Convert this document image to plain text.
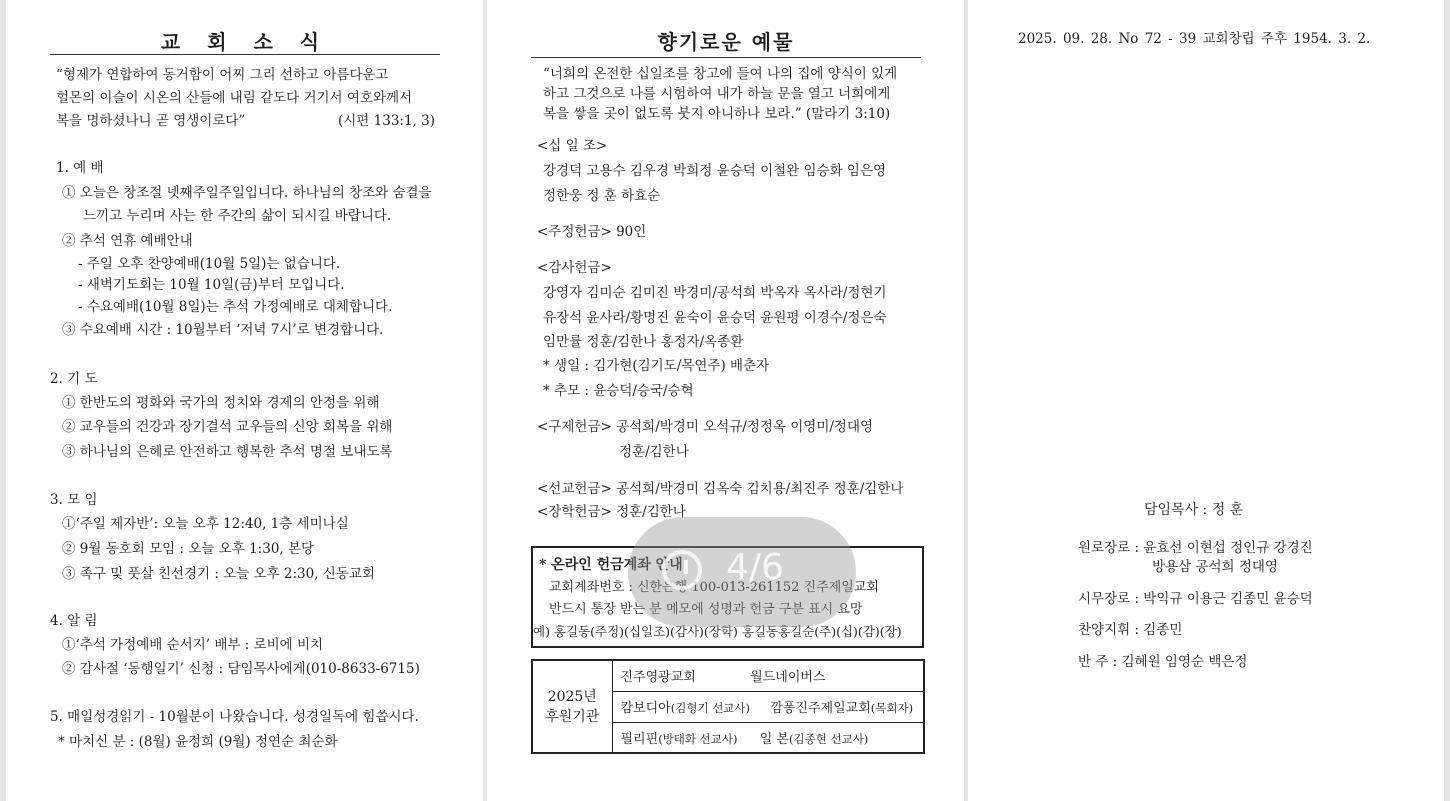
교 회 소 식
“형제가 연합하여 동거함이 어찌 그리 선하고 아름다운고
헐몬의 이슬이 시온의 산들에 내림 같도다 거기서 여호와께서
복을 명하셨나니 곧 영생이로다”	(시편 133:1, 3)
1. 예 배
① 오늘은 창조절 넷째주일주일입니다. 하나님의 창조와 숨결을
느끼고 누리며 사는 한 주간의 삶이 되시길 바랍니다.
② 추석 연휴 예배안내
- 주일 오후 찬양예배(10월 5일)는 없습니다.
- 새벽기도회는 10월 10일(금)부터 모입니다.
- 수요예배(10월 8일)는 추석 가정예배로 대체합니다.
③ 수요예배 시간 : 10월부터 ‘저녁 7시’로 변경합니다.
2. 기 도
① 한반도의 평화와 국가의 정치와 경제의 안정을 위해
② 교우들의 건강과 장기결석 교우들의 신앙 회복을 위해
③ 하나님의 은혜로 안전하고 행복한 추석 명절 보내도록
3. 모 임
①‘주일 제자반’: 오늘 오후 12:40, 1층 세미나실
② 9월 동호회 모임 : 오늘 오후 1:30, 본당
③ 족구 및 풋살 친선경기 : 오늘 오후 2:30, 신동교회
4. 알 림
①‘추석 가정예배 순서지’ 배부 : 로비에 비치
② 감사절 ‘동행일기’ 신청 : 담임목사에게(010-8633-6715)
5. 매일성경읽기 - 10월분이 나왔습니다. 성경일독에 힘씁시다.
* 마치신 분 : (8월) 윤정희 (9월) 정연순 최순화
향기로운 예물
“너희의 온전한 십일조를 창고에 들여 나의 집에 양식이 있게
하고 그것으로 나를 시험하여 내가 하늘 문을 열고 너희에게
복을 쌓을 곳이 없도록 붓지 아니하나 보라.” (말라기 3:10)
<십 일 조>
강경덕 고용수 김우경 박희정 윤승덕 이철완 임승화 임은영
정한웅 정 훈 하효순
<주정헌금> 90인
<감사헌금>
강영자 김미순 김미진 박경미/공석희 박옥자 옥사라/정현기
유장석 윤사라/황명진 윤숙이 윤승덕 윤원평 이경수/정은숙
임만률 정훈/김한나 홍정자/옥종환
* 생일 : 김가현(김기도/목연주) 배춘자
* 추모 : 윤승덕/승국/승혁
<구제헌금> 공석희/박경미 오석규/정정옥 이영미/정대영
정훈/김한나
<선교헌금> 공석희/박경미 김옥숙 김치용/최진주 정훈/김한나
<장학헌금> 정훈/김한나
* 온라인 헌금계좌 안내
교회계좌번호 : 신한은행 100-013-261152 진주제일교회
반드시 통장 받는 분 메모에 성명과 헌금 구분 표시 요망
예) 홍길동(주정)(십일조)(감사)(장학) 홍길동홍길순(주)(십)(감)(장)
2025년
후원기관
	진주영광교회	월드네이버스
캄보디아(김형기 선교사) 깜퐁진주제일교회(목회자)
필리핀(방태화 선교사) 일 본(김종현 선교사)
2025. 09. 28. No 72 - 39 교회창립 주후 1954. 3. 2.
담임목사 : 정 훈
원로장로 : 윤효선 이현섭 정인규 강경진
방용삼 공석희 정대영
시무장로 : 박익규 이용근 김종민 윤승덕
찬양지휘 : 김종민
반 주 : 김혜원 임영순 백은정
4/6
